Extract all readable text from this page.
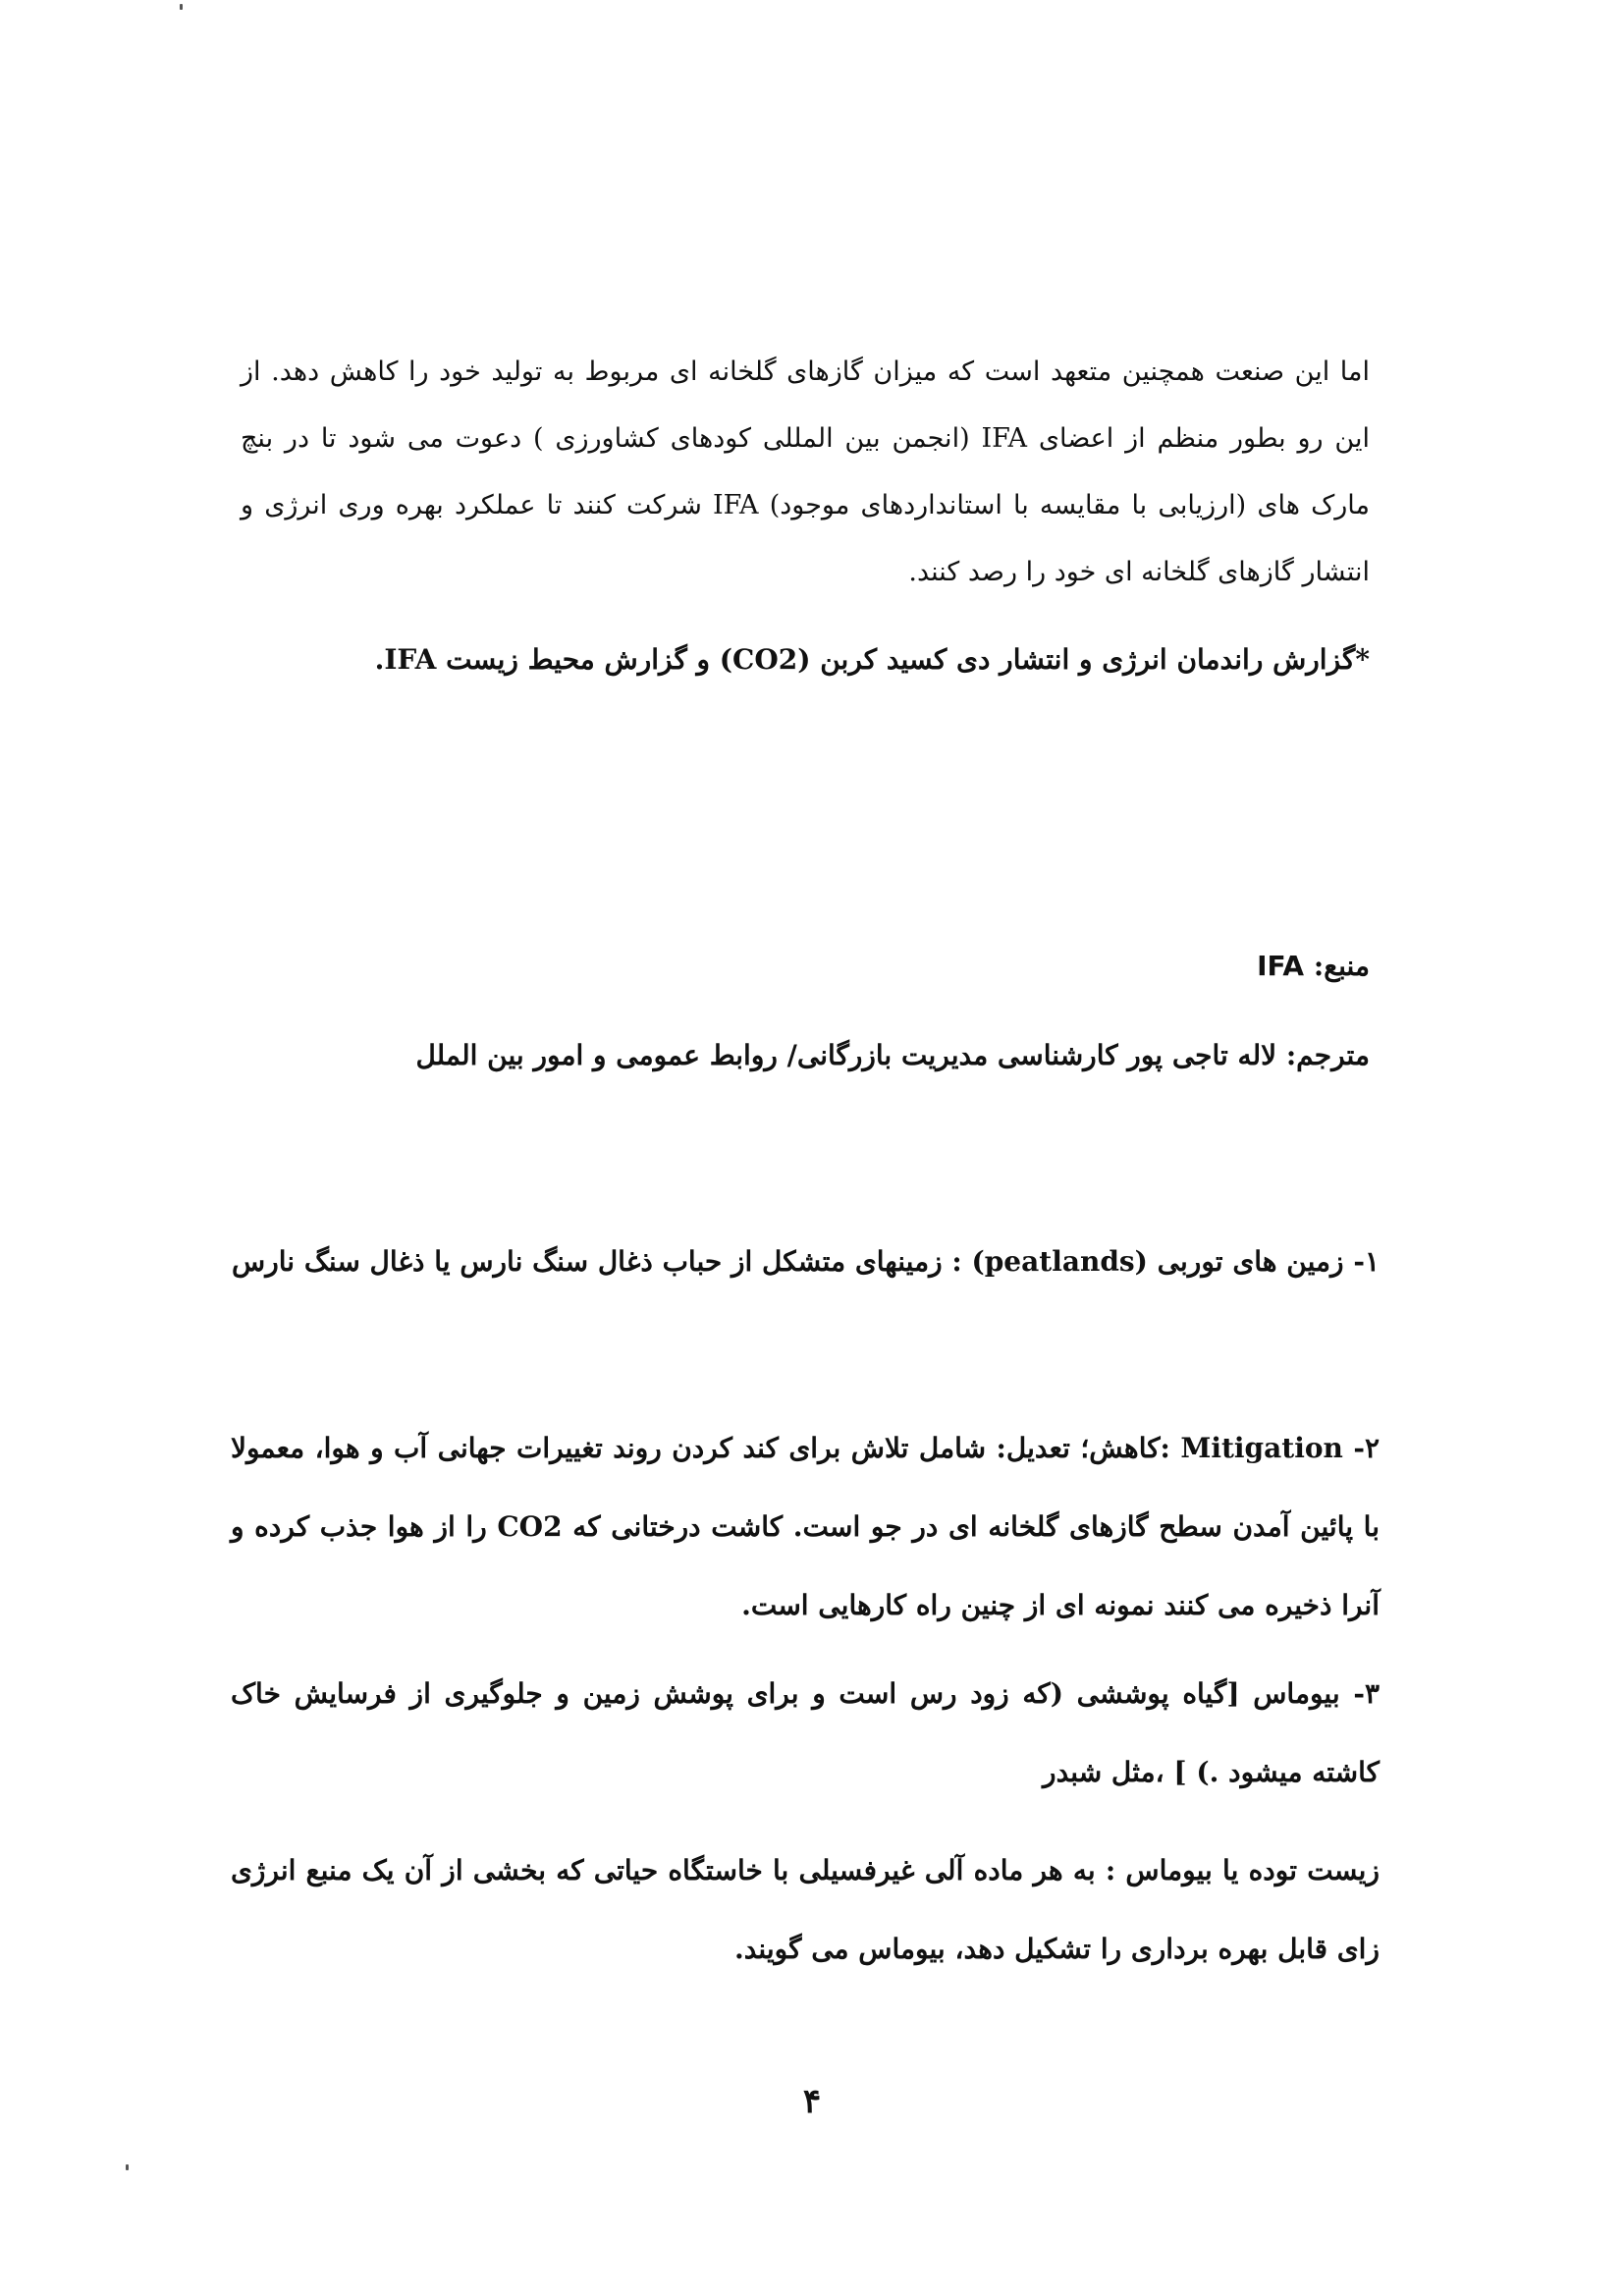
اما این صنعت همچنین متعهد است که میزان گازهای گلخانه ای مربوط به تولید خود را کاهش دهد. از این رو بطور منظم از اعضای IFA (انجمن بین المللی کودهای کشاورزی ) دعوت می شود تا در بنچ مارک های (ارزیابی با مقایسه با استانداردهای موجود) IFA شرکت کنند تا عملکرد بهره وری انرژی و انتشار گازهای گلخانه ای خود را رصد کنند.
*گزارش راندمان انرژی و انتشار دی کسید کربن (CO2) و گزارش محیط زیست IFA.
منبع: IFA
مترجم: لاله تاجی پور کارشناسی مدیریت بازرگانی/ روابط عمومی و امور بین الملل
۱- زمین های توربی (peatlands) : زمینهای متشکل از حباب ذغال سنگ نارس یا ذغال سنگ نارس
۲- Mitigation :کاهش؛ تعدیل: شامل تلاش برای کند کردن روند تغییرات جهانی آب و هوا، معمولا با پائین آمدن سطح گازهای گلخانه ای در جو است. کاشت درختانی که CO2 را از هوا جذب کرده و آنرا ذخیره می کنند نمونه ای از چنین راه کارهایی است.
۳- بیوماس [گیاه پوششی (که زود رس است و برای پوشش زمین و جلوگیری از فرسایش خاک کاشته میشود .) ] ،مثل شبدر
زیست توده یا بیوماس : به هر ماده آلی غیرفسیلی با خاستگاه حیاتی که بخشی از آن یک منبع انرژی زای قابل بهره برداری را تشکیل دهد، بیوماس می گویند.
۴
